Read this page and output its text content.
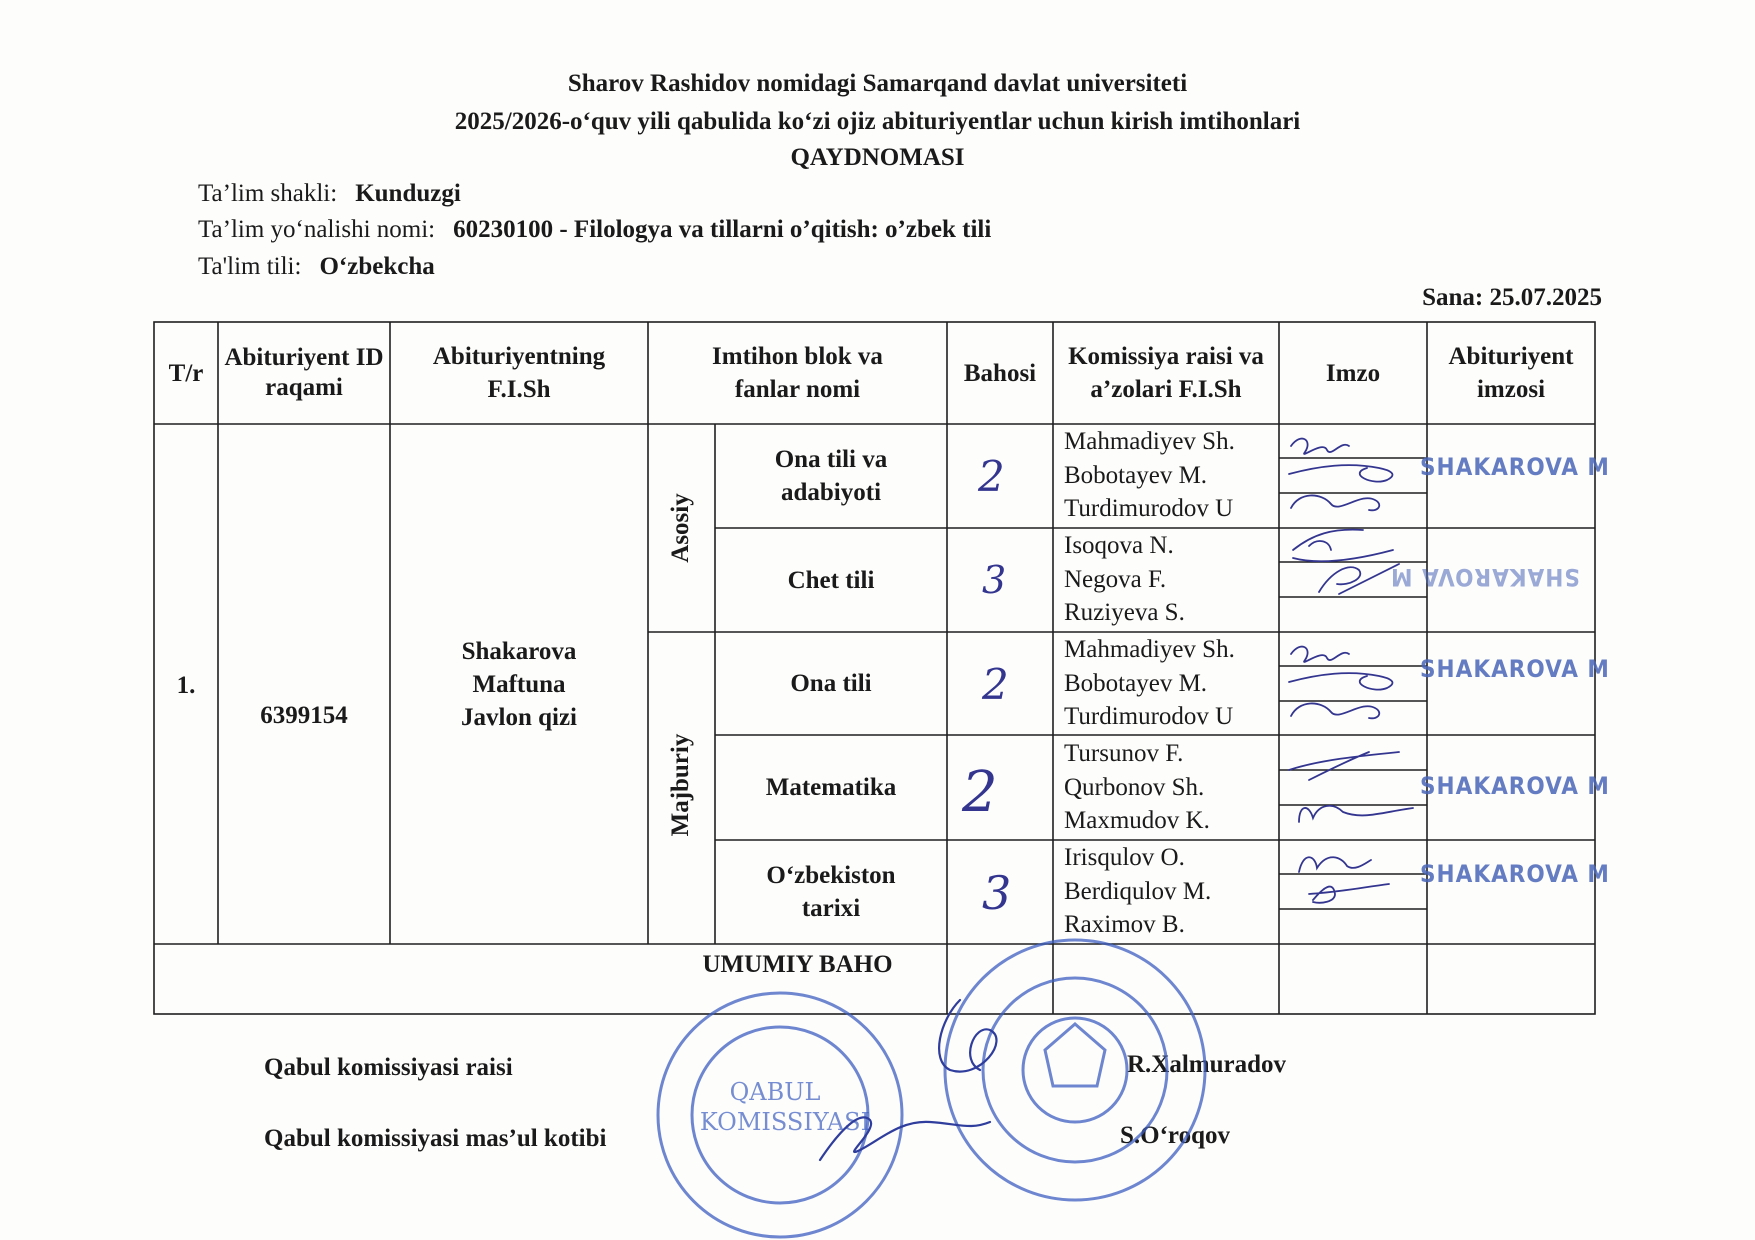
Sharov Rashidov nomidagi Samarqand davlat universiteti
2025/2026-o‘quv yili qabulida ko‘zi ojiz abituriyentlar uchun kirish imtihonlari
QAYDNOMASI
Ta’lim shakli: Kunduzgi
Ta’lim yo‘nalishi nomi: 60230100 - Filologya va tillarni o’qitish: o’zbek tili
Ta'lim tili: O‘zbekcha
Sana: 25.07.2025
T/r
Abituriyent ID raqami
Abituriyentning F.I.Sh
Imtihon blok va fanlar nomi
Bahosi
Komissiya raisi va a’zolari F.I.Sh
Imzo
Abituriyent imzosi
1.
6399154
Shakarova
Maftuna
Javlon qizi
Asosiy
Majburiy
Ona tili va
adabiyoti
Chet tili
Ona tili
Matematika
O‘zbekiston
tarixi
2
3
2
2
3
Mahmadiyev Sh.
Bobotayev M.
Turdimurodov U
Isoqova N.
Negova F.
Ruziyeva S.
Mahmadiyev Sh.
Bobotayev M.
Turdimurodov U
Tursunov F.
Qurbonov Sh.
Maxmudov K.
Irisqulov O.
Berdiqulov M.
Raximov B.
SHAKAROVA M
SHAKAROVA M
SHAKAROVA M
SHAKAROVA M
SHAKAROVA M
UMUMIY BAHO
Qabul komissiyasi raisi	R.Xalmuradov
Qabul komissiyasi mas’ul kotibi	S.O‘roqov
QABUL
KOMISSIYASI
